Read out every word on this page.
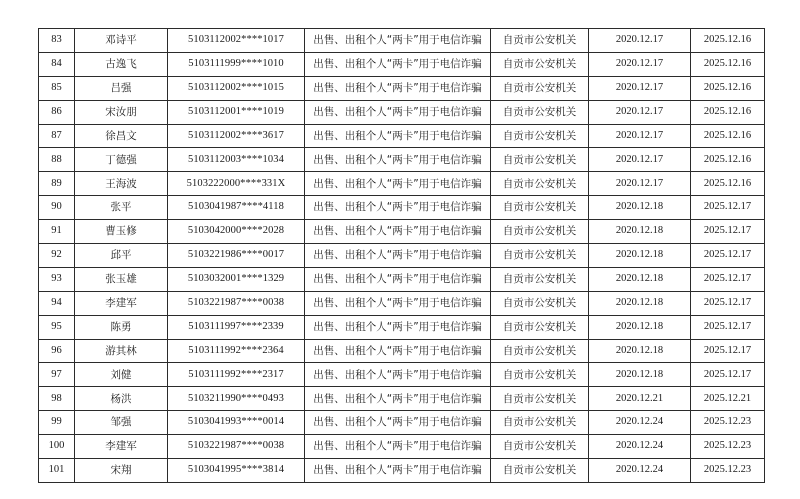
83	邓诗平	5103112002****1017	出售、出租个人“两卡”用于电信诈骗	自贡市公安机关	2020.12.17	2025.12.16
84	古逸飞	5103111999****1010	出售、出租个人“两卡”用于电信诈骗	自贡市公安机关	2020.12.17	2025.12.16
85	吕强	5103112002****1015	出售、出租个人“两卡”用于电信诈骗	自贡市公安机关	2020.12.17	2025.12.16
86	宋汝朋	5103112001****1019	出售、出租个人“两卡”用于电信诈骗	自贡市公安机关	2020.12.17	2025.12.16
87	徐昌文	5103112002****3617	出售、出租个人“两卡”用于电信诈骗	自贡市公安机关	2020.12.17	2025.12.16
88	丁德强	5103112003****1034	出售、出租个人“两卡”用于电信诈骗	自贡市公安机关	2020.12.17	2025.12.16
89	王海波	5103222000****331X	出售、出租个人“两卡”用于电信诈骗	自贡市公安机关	2020.12.17	2025.12.16
90	张平	5103041987****4118	出售、出租个人“两卡”用于电信诈骗	自贡市公安机关	2020.12.18	2025.12.17
91	曹玉修	5103042000****2028	出售、出租个人“两卡”用于电信诈骗	自贡市公安机关	2020.12.18	2025.12.17
92	邱平	5103221986****0017	出售、出租个人“两卡”用于电信诈骗	自贡市公安机关	2020.12.18	2025.12.17
93	张玉雄	5103032001****1329	出售、出租个人“两卡”用于电信诈骗	自贡市公安机关	2020.12.18	2025.12.17
94	李建军	5103221987****0038	出售、出租个人“两卡”用于电信诈骗	自贡市公安机关	2020.12.18	2025.12.17
95	陈勇	5103111997****2339	出售、出租个人“两卡”用于电信诈骗	自贡市公安机关	2020.12.18	2025.12.17
96	游其林	5103111992****2364	出售、出租个人“两卡”用于电信诈骗	自贡市公安机关	2020.12.18	2025.12.17
97	刘健	5103111992****2317	出售、出租个人“两卡”用于电信诈骗	自贡市公安机关	2020.12.18	2025.12.17
98	杨洪	5103211990****0493	出售、出租个人“两卡”用于电信诈骗	自贡市公安机关	2020.12.21	2025.12.21
99	邹强	5103041993****0014	出售、出租个人“两卡”用于电信诈骗	自贡市公安机关	2020.12.24	2025.12.23
100	李建军	5103221987****0038	出售、出租个人“两卡”用于电信诈骗	自贡市公安机关	2020.12.24	2025.12.23
101	宋翔	5103041995****3814	出售、出租个人“两卡”用于电信诈骗	自贡市公安机关	2020.12.24	2025.12.23
